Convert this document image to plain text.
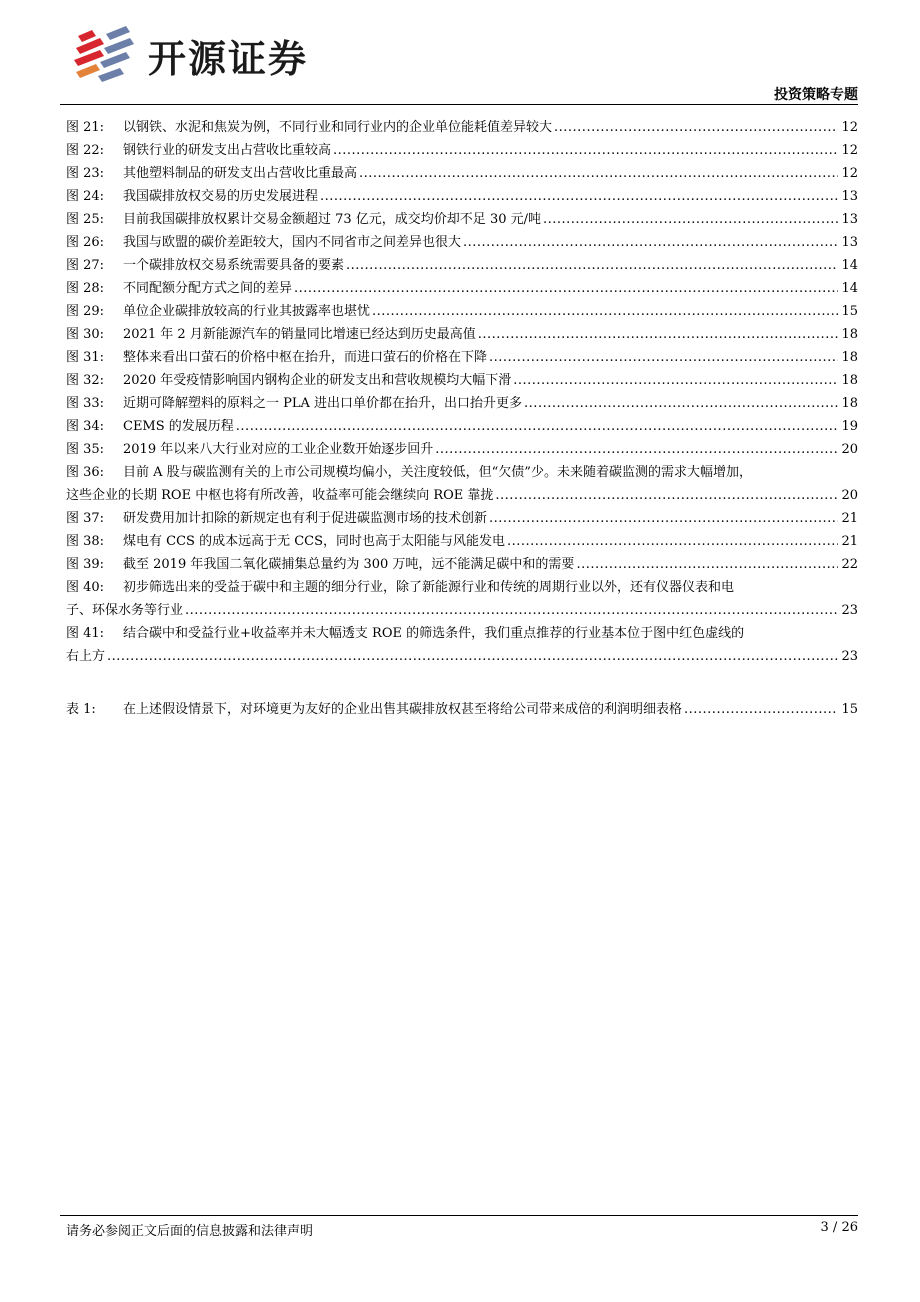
开源证券
投资策略专题
图 21:	以钢铁、水泥和焦炭为例，不同行业和同行业内的企业单位能耗值差异较大 .....	12
图 22:	钢铁行业的研发支出占营收比重较高 .....	12
图 23:	其他塑料制品的研发支出占营收比重最高 .....	12
图 24:	我国碳排放权交易的历史发展进程 .....	13
图 25:	目前我国碳排放权累计交易金额超过 73 亿元，成交均价却不足 30 元/吨 .....	13
图 26:	我国与欧盟的碳价差距较大，国内不同省市之间差异也很大 .....	13
图 27:	一个碳排放权交易系统需要具备的要素 .....	14
图 28:	不同配额分配方式之间的差异 .....	14
图 29:	单位企业碳排放较高的行业其披露率也堪忧 .....	15
图 30:	2021 年 2 月新能源汽车的销量同比增速已经达到历史最高值 .....	18
图 31:	整体来看出口萤石的价格中枢在抬升，而进口萤石的价格在下降 .....	18
图 32:	2020 年受疫情影响国内钢构企业的研发支出和营收规模均大幅下滑 .....	18
图 33:	近期可降解塑料的原料之一 PLA 进出口单价都在抬升，出口抬升更多 .....	18
图 34:	CEMS 的发展历程 .....	19
图 35:	2019 年以来八大行业对应的工业企业数开始逐步回升 .....	20
图 36: 目前 A 股与碳监测有关的上市公司规模均偏小，关注度较低，但“欠债”少。未来随着碳监测的需求大幅增加，
这些企业的长期 ROE 中枢也将有所改善，收益率可能会继续向 ROE 靠拢 .....	20
图 37:	研发费用加计扣除的新规定也有利于促进碳监测市场的技术创新 .....	21
图 38:	煤电有 CCS 的成本远高于无 CCS，同时也高于太阳能与风能发电 .....	21
图 39:	截至 2019 年我国二氧化碳捕集总量约为 300 万吨，远不能满足碳中和的需要 .....	22
图 40: 初步筛选出来的受益于碳中和主题的细分行业，除了新能源行业和传统的周期行业以外，还有仪器仪表和电
子、环保水务等行业 .....	23
图 41: 结合碳中和受益行业+收益率并未大幅透支 ROE 的筛选条件，我们重点推荐的行业基本位于图中红色虚线的
右上方 .....	23
表 1:	在上述假设情景下，对环境更为友好的企业出售其碳排放权甚至将给公司带来成倍的利润明细表格 .....	15
请务必参阅正文后面的信息披露和法律声明	3 / 26
